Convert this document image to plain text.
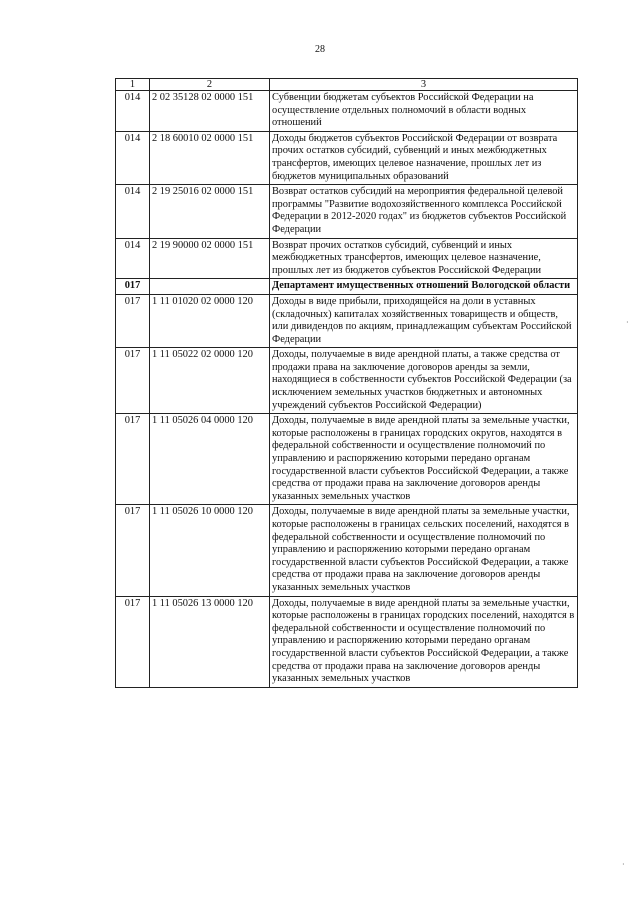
28
1	2	3
014	2 02 35128 02 0000 151	Субвенции бюджетам субъектов Российской Федерации на осуществление отдельных полномочий в области водных отношений
014	2 18 60010 02 0000 151	Доходы бюджетов субъектов Российской Федерации от возврата прочих остатков субсидий, субвенций и иных межбюджетных трансфертов, имеющих целевое назначение, прошлых лет из бюджетов муниципальных образований
014	2 19 25016 02 0000 151	Возврат остатков субсидий на мероприятия федеральной целевой программы "Развитие водохозяйственного комплекса Российской Федерации в 2012-2020 годах" из бюджетов субъектов Российской Федерации
014	2 19 90000 02 0000 151	Возврат прочих остатков субсидий, субвенций и иных межбюджетных трансфертов, имеющих целевое назначение, прошлых лет из бюджетов субъектов Российской Федерации
017		Департамент имущественных отношений Вологодской области
017	1 11 01020 02 0000 120	Доходы в виде прибыли, приходящейся на доли в уставных (складочных) капиталах хозяйственных товариществ и обществ, или дивидендов по акциям, принадлежащим субъектам Российской Федерации
017	1 11 05022 02 0000 120	Доходы, получаемые в виде арендной платы, а также средства от продажи права на заключение договоров аренды за земли, находящиеся в собственности субъектов Российской Федерации (за исключением земельных участков бюджетных и автономных учреждений субъектов Российской Федерации)
017	1 11 05026 04 0000 120	Доходы, получаемые в виде арендной платы за земельные участки, которые расположены в границах городских округов, находятся в федеральной собственности и осуществление полномочий по управлению и распоряжению которыми передано органам государственной власти субъектов Российской Федерации, а также средства от продажи права на заключение договоров аренды указанных земельных участков
017	1 11 05026 10 0000 120	Доходы, получаемые в виде арендной платы за земельные участки, которые расположены в границах сельских поселений, находятся в федеральной собственности и осуществление полномочий по управлению и распоряжению которыми передано органам государственной власти субъектов Российской Федерации, а также средства от продажи права на заключение договоров аренды указанных земельных участков
017	1 11 05026 13 0000 120	Доходы, получаемые в виде арендной платы за земельные участки, которые расположены в границах городских поселений, находятся в федеральной собственности и осуществление полномочий по управлению и распоряжению которыми передано органам государственной власти субъектов Российской Федерации, а также средства от продажи права на заключение договоров аренды указанных земельных участков
·
·
